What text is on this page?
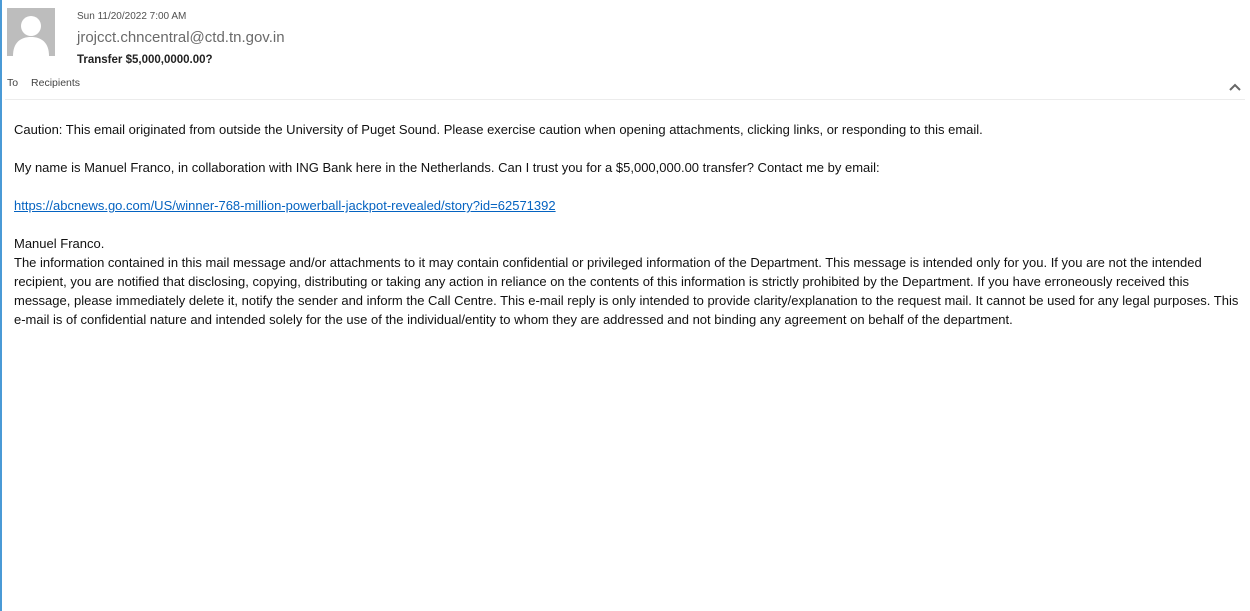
Sun 11/20/2022 7:00 AM
jrojcct.chncentral@ctd.tn.gov.in
Transfer $5,000,0000.00?
To Recipients

Caution: This email originated from outside the University of Puget Sound. Please exercise caution when opening attachments, clicking links, or responding to this email.

My name is Manuel Franco, in collaboration with ING Bank here in the Netherlands. Can I trust you for a $5,000,000.00 transfer? Contact me by email:

https://abcnews.go.com/US/winner-768-million-powerball-jackpot-revealed/story?id=62571392

Manuel Franco.

The information contained in this mail message and/or attachments to it may contain confidential or privileged information of the Department. This message is intended only for you. If you are not the intended recipient, you are notified that disclosing, copying, distributing or taking any action in reliance on the contents of this information is strictly prohibited by the Department. If you have erroneously received this message, please immediately delete it, notify the sender and inform the Call Centre. This e-mail reply is only intended to provide clarity/explanation to the request mail. It cannot be used for any legal purposes. This e-mail is of confidential nature and intended solely for the use of the individual/entity to whom they are addressed and not binding any agreement on behalf of the department.
